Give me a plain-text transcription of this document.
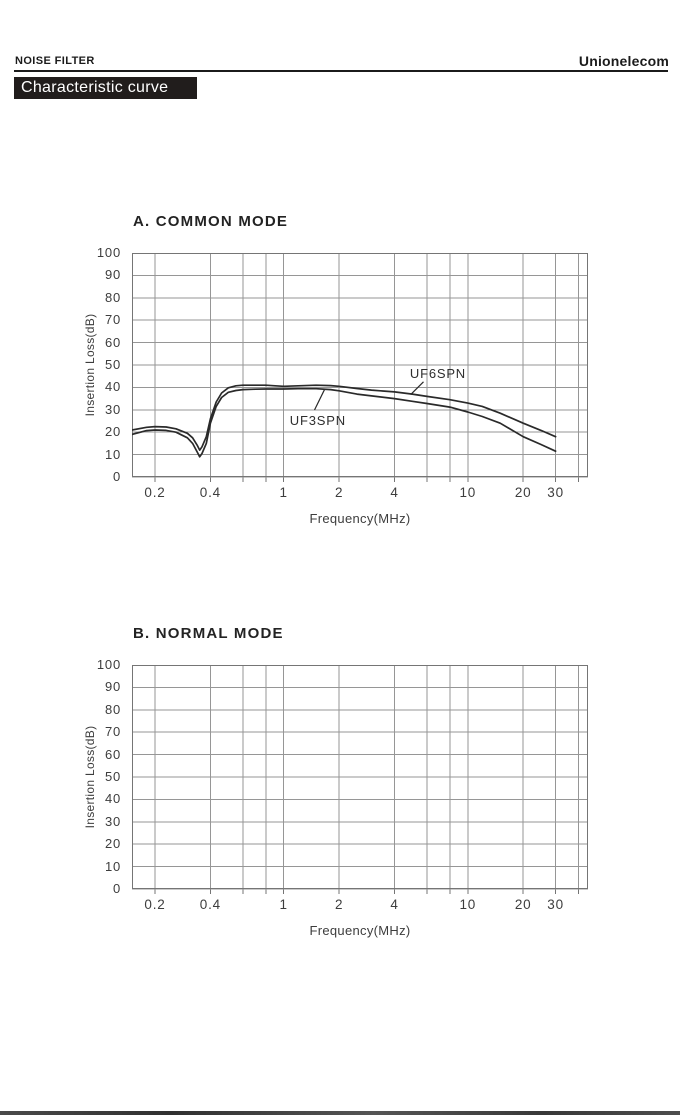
NOISE FILTER	Unionelecom
Characteristic curve
A. COMMON MODE
Insertion Loss(dB)
0
10
20
30
40
50
60
70
80
90
100
UF6SPN
UF3SPN
0.2	0.4	1	2	4	10	20 30
Frequency(MHz)
B. NORMAL MODE
Insertion Loss(dB)
0
10
20
30
40
50
60
70
80
90
100
0.2	0.4	1	2	4	10	20 30
Frequency(MHz)
